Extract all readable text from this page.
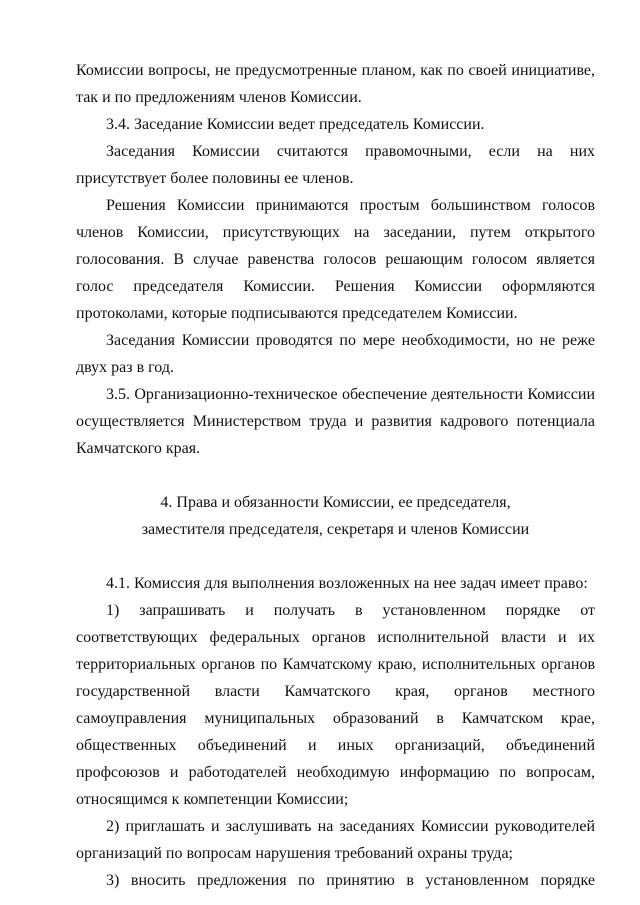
Комиссии вопросы, не предусмотренные планом, как по своей инициативе, так и по предложениям членов Комиссии.

3.4. Заседание Комиссии ведет председатель Комиссии.

Заседания Комиссии считаются правомочными, если на них присутствует более половины ее членов.

Решения Комиссии принимаются простым большинством голосов членов Комиссии, присутствующих на заседании, путем открытого голосования. В случае равенства голосов решающим голосом является голос председателя Комиссии. Решения Комиссии оформляются протоколами, которые подписываются председателем Комиссии.

Заседания Комиссии проводятся по мере необходимости, но не реже двух раз в год.

3.5. Организационно-техническое обеспечение деятельности Комиссии осуществляется Министерством труда и развития кадрового потенциала Камчатского края.

4. Права и обязанности Комиссии, ее председателя,

заместителя председателя, секретаря и членов Комиссии

4.1. Комиссия для выполнения возложенных на нее задач имеет право:

1) запрашивать и получать в установленном порядке от соответствующих федеральных органов исполнительной власти и их территориальных органов по Камчатскому краю, исполнительных органов государственной власти Камчатского края, органов местного самоуправления муниципальных образований в Камчатском крае, общественных объединений и иных организаций, объединений профсоюзов и работодателей необходимую информацию по вопросам, относящимся к компетенции Комиссии;

2) приглашать и заслушивать на заседаниях Комиссии руководителей организаций по вопросам нарушения требований охраны труда;

3) вносить предложения по принятию в установленном порядке
